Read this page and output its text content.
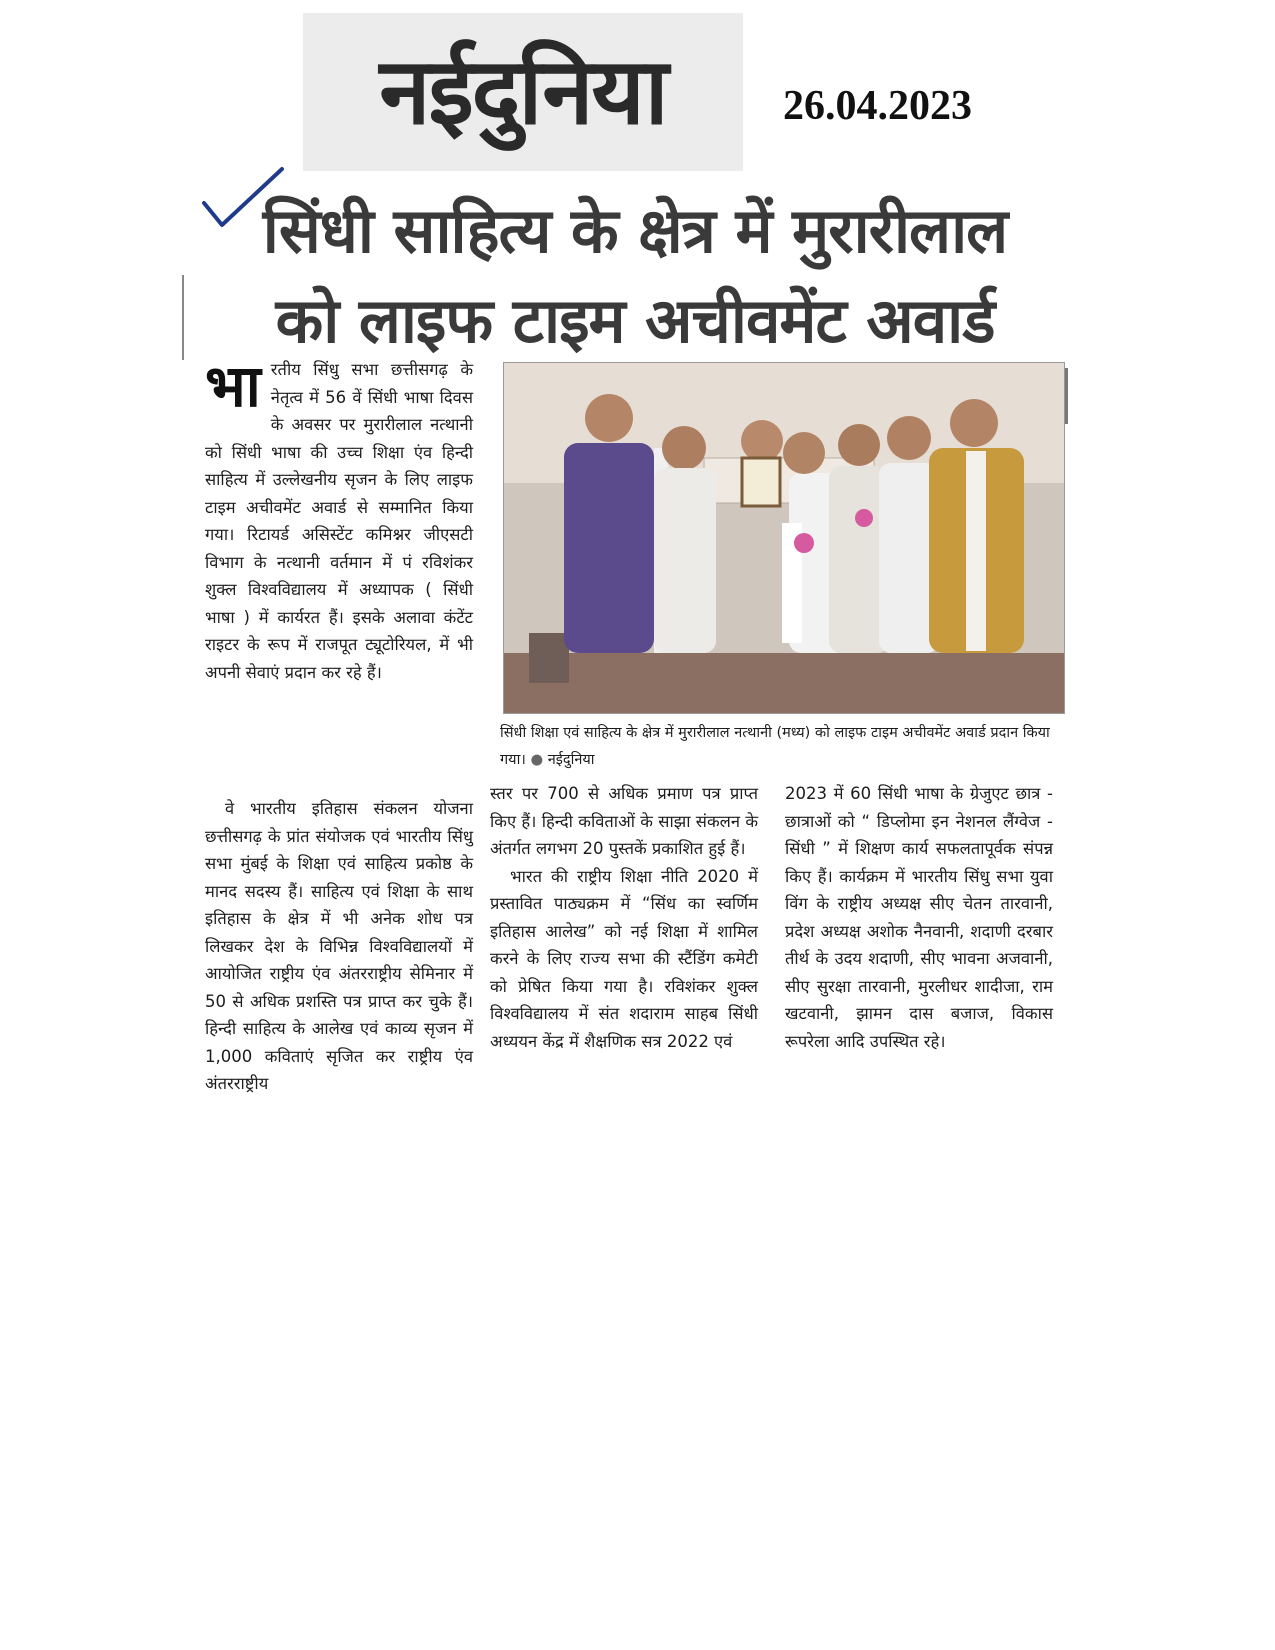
नईदुनिया	26.04.2023
सिंधी साहित्य के क्षेत्र में मुरारीलाल
को लाइफ टाइम अचीवमेंट अवार्ड

भारतीय सिंधु सभा छत्तीसगढ़ के नेतृत्व में 56 वें सिंधी भाषा दिवस के अवसर पर मुरारीलाल नत्थानी को सिंधी भाषा की उच्च शिक्षा एंव हिन्दी साहित्य में उल्लेखनीय सृजन के लिए लाइफ टाइम अचीवमेंट अवार्ड से सम्मानित किया गया। रिटायर्ड असिस्टेंट कमिश्नर जीएसटी विभाग के नत्थानी वर्तमान में पं रविशंकर शुक्ल विश्वविद्यालय में अध्यापक ( सिंधी भाषा ) में कार्यरत हैं। इसके अलावा कंटेंट राइटर के रूप में राजपूत ट्यूटोरियल, में भी अपनी सेवाएं प्रदान कर रहे हैं।

वे भारतीय इतिहास संकलन योजना छत्तीसगढ़ के प्रांत संयोजक एवं भारतीय सिंधु सभा मुंबई के शिक्षा एवं साहित्य प्रकोष्ठ के मानद सदस्य हैं। साहित्य एवं शिक्षा के साथ इतिहास के क्षेत्र में भी अनेक शोध पत्र लिखकर देश के विभिन्न विश्वविद्यालयों में आयोजित राष्ट्रीय एंव अंतरराष्ट्रीय सेमिनार में 50 से अधिक प्रशस्ति पत्र प्राप्त कर चुके हैं। हिन्दी साहित्य के आलेख एवं काव्य सृजन में 1,000 कविताएं सृजित कर राष्ट्रीय एंव अंतरराष्ट्रीय

सिंधी शिक्षा एवं साहित्य के क्षेत्र में मुरारीलाल नत्थानी (मध्य) को लाइफ टाइम अचीवमेंट अवार्ड प्रदान किया गया। ● नईदुनिया

स्तर पर 700 से अधिक प्रमाण पत्र प्राप्त किए हैं। हिन्दी कविताओं के साझा संकलन के अंतर्गत लगभग 20 पुस्तकें प्रकाशित हुई हैं।

भारत की राष्ट्रीय शिक्षा नीति 2020 में प्रस्तावित पाठ्यक्रम में “सिंध का स्वर्णिम इतिहास आलेख” को नई शिक्षा में शामिल करने के लिए राज्य सभा की स्टैंडिंग कमेटी को प्रेषित किया गया है। रविशंकर शुक्ल विश्वविद्यालय में संत शदाराम साहब सिंधी अध्ययन केंद्र में शैक्षणिक सत्र 2022 एवं

2023 में 60 सिंधी भाषा के ग्रेजुएट छात्र - छात्राओं को “ डिप्लोमा इन नेशनल लैंग्वेज - सिंधी ” में शिक्षण कार्य सफलतापूर्वक संपन्न किए हैं। कार्यक्रम में भारतीय सिंधु सभा युवा विंग के राष्ट्रीय अध्यक्ष सीए चेतन तारवानी, प्रदेश अध्यक्ष अशोक नैनवानी, शदाणी दरबार तीर्थ के उदय शदाणी, सीए भावना अजवानी, सीए सुरक्षा तारवानी, मुरलीधर शादीजा, राम खटवानी, झामन दास बजाज, विकास रूपरेला आदि उपस्थित रहे।
